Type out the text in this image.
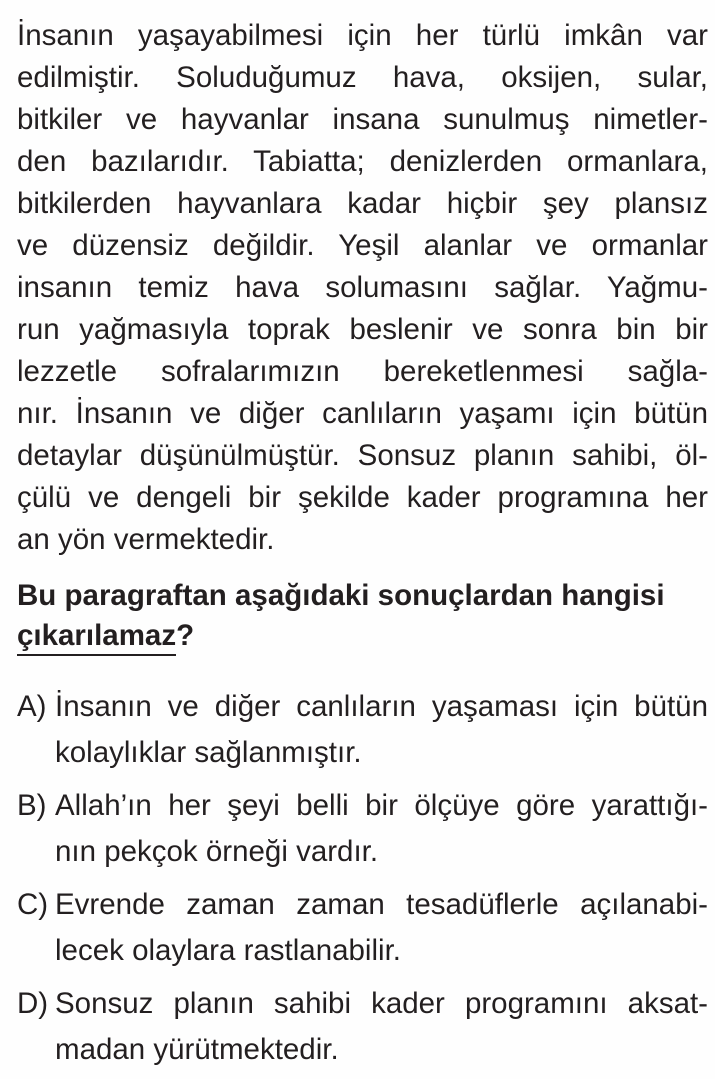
İnsanın yaşayabilmesi için her türlü imkân var
edilmiştir. Soluduğumuz hava, oksijen, sular,
bitkiler ve hayvanlar insana sunulmuş nimetler-
den bazılarıdır. Tabiatta; denizlerden ormanlara,
bitkilerden hayvanlara kadar hiçbir şey plansız
ve düzensiz değildir. Yeşil alanlar ve ormanlar
insanın temiz hava solumasını sağlar. Yağmu-
run yağmasıyla toprak beslenir ve sonra bin bir
lezzetle sofralarımızın bereketlenmesi sağla-
nır. İnsanın ve diğer canlıların yaşamı için bütün
detaylar düşünülmüştür. Sonsuz planın sahibi, öl-
çülü ve dengeli bir şekilde kader programına her
an yön vermektedir.
Bu paragraftan aşağıdaki sonuçlardan hangisi
çıkarılamaz?
A) İnsanın ve diğer canlıların yaşaması için bütün
kolaylıklar sağlanmıştır.
B) Allah’ın her şeyi belli bir ölçüye göre yarattığı-
nın pekçok örneği vardır.
C) Evrende zaman zaman tesadüflerle açılanabi-
lecek olaylara rastlanabilir.
D) Sonsuz planın sahibi kader programını aksat-
madan yürütmektedir.
